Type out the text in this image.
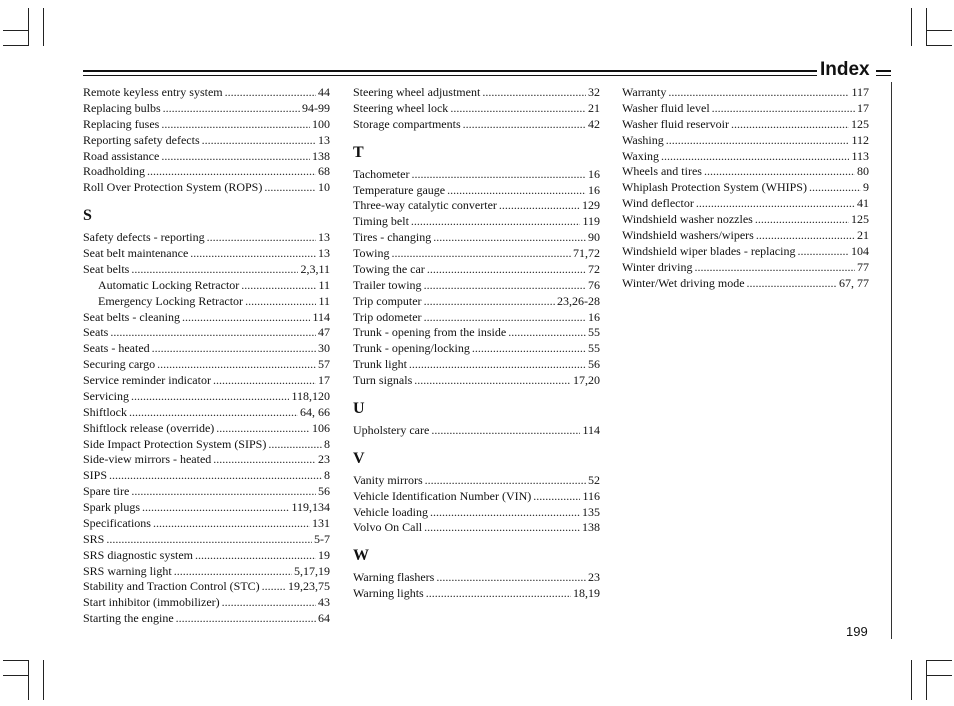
Index
Remote keyless entry system .....	44
Replacing bulbs .....	94-99
Replacing fuses .....	100
Reporting safety defects .....	13
Road assistance .....	138
Roadholding .....	68
Roll Over Protection System (ROPS) .....	10
S
Safety defects - reporting .....	13
Seat belt maintenance .....	13
Seat belts .....	2,3,11
Automatic Locking Retractor .....	11
Emergency Locking Retractor .....	11
Seat belts - cleaning .....	114
Seats .....	47
Seats - heated .....	30
Securing cargo .....	57
Service reminder indicator .....	17
Servicing .....	118,120
Shiftlock .....	64, 66
Shiftlock release (override) .....	106
Side Impact Protection System (SIPS) .....	8
Side-view mirrors - heated .....	23
SIPS .....	8
Spare tire .....	56
Spark plugs .....	119,134
Specifications .....	131
SRS .....	5-7
SRS diagnostic system .....	19
SRS warning light .....	5,17,19
Stability and Traction Control (STC) ..... 19,23,75
Start inhibitor (immobilizer) .....	43
Starting the engine .....	64
Steering wheel adjustment .....	32
Steering wheel lock .....	21
Storage compartments .....	42
T
Tachometer .....	16
Temperature gauge .....	16
Three-way catalytic converter .....	129
Timing belt .....	119
Tires - changing .....	90
Towing .....	71,72
Towing the car .....	72
Trailer towing .....	76
Trip computer .....	23,26-28
Trip odometer .....	16
Trunk - opening from the inside .....	55
Trunk - opening/locking .....	55
Trunk light .....	56
Turn signals .....	17,20
U
Upholstery care .....	114
V
Vanity mirrors .....	52
Vehicle Identification Number (VIN) .....	116
Vehicle loading .....	135
Volvo On Call .....	138
W
Warning flashers .....	23
Warning lights .....	18,19
Warranty .....	117
Washer fluid level .....	17
Washer fluid reservoir .....	125
Washing .....	112
Waxing .....	113
Wheels and tires .....	80
Whiplash Protection System (WHIPS) .....	9
Wind deflector .....	41
Windshield washer nozzles .....	125
Windshield washers/wipers .....	21
Windshield wiper blades - replacing .....	104
Winter driving .....	77
Winter/Wet driving mode .....	67, 77
199
